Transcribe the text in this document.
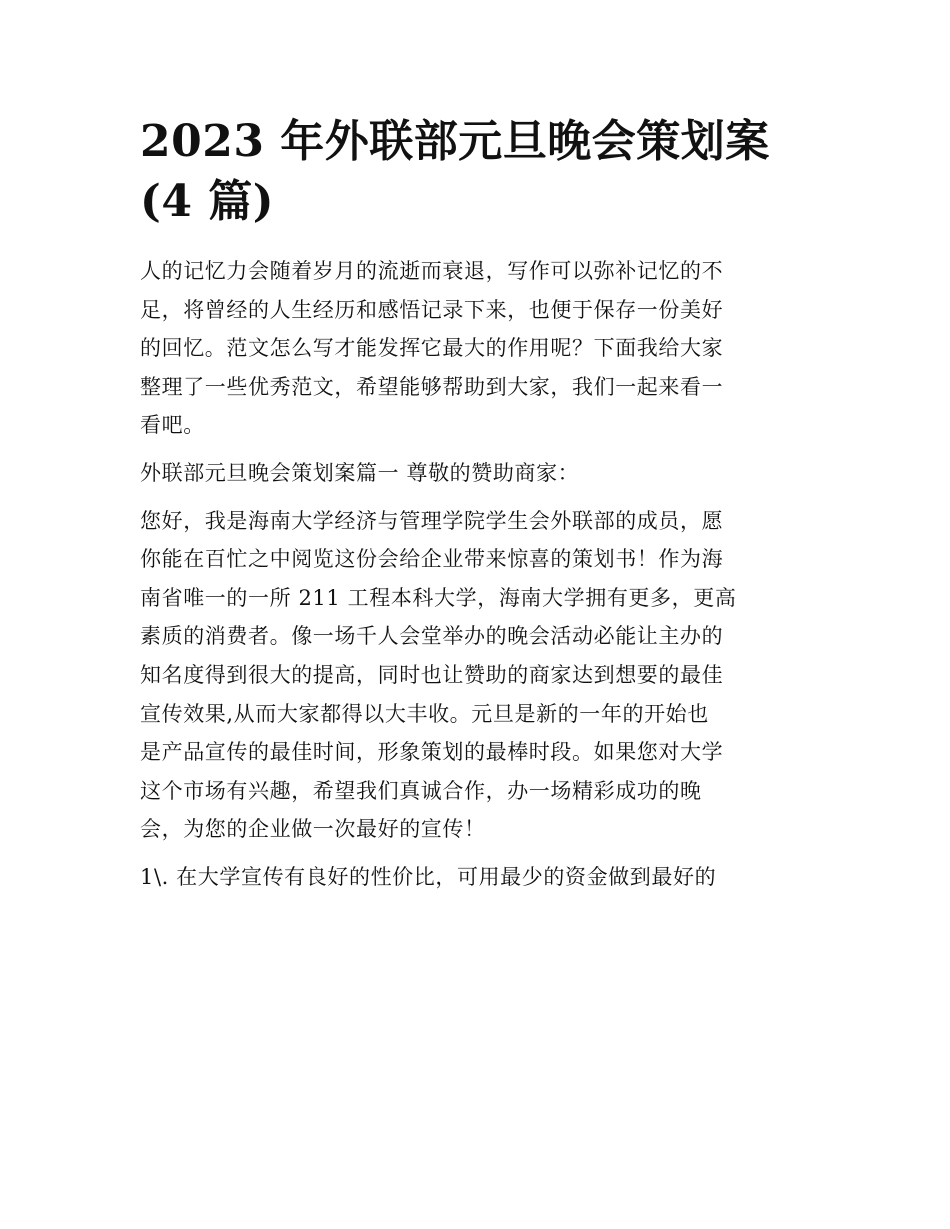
2023 年外联部元旦晚会策划案
(4 篇)
人的记忆力会随着岁月的流逝而衰退，写作可以弥补记忆的不
足，将曾经的人生经历和感悟记录下来，也便于保存一份美好
的回忆。范文怎么写才能发挥它最大的作用呢？下面我给大家
整理了一些优秀范文，希望能够帮助到大家，我们一起来看一
看吧。
外联部元旦晚会策划案篇一 尊敬的赞助商家：
您好，我是海南大学经济与管理学院学生会外联部的成员，愿
你能在百忙之中阅览这份会给企业带来惊喜的策划书！作为海
南省唯一的一所 211 工程本科大学，海南大学拥有更多，更高
素质的消费者。像一场千人会堂举办的晚会活动必能让主办的
知名度得到很大的提高，同时也让赞助的商家达到想要的最佳
宣传效果,从而大家都得以大丰收。元旦是新的一年的开始也
是产品宣传的最佳时间，形象策划的最棒时段。如果您对大学
这个市场有兴趣，希望我们真诚合作，办一场精彩成功的晚
会，为您的企业做一次最好的宣传！
1\. 在大学宣传有良好的性价比，可用最少的资金做到最好的
